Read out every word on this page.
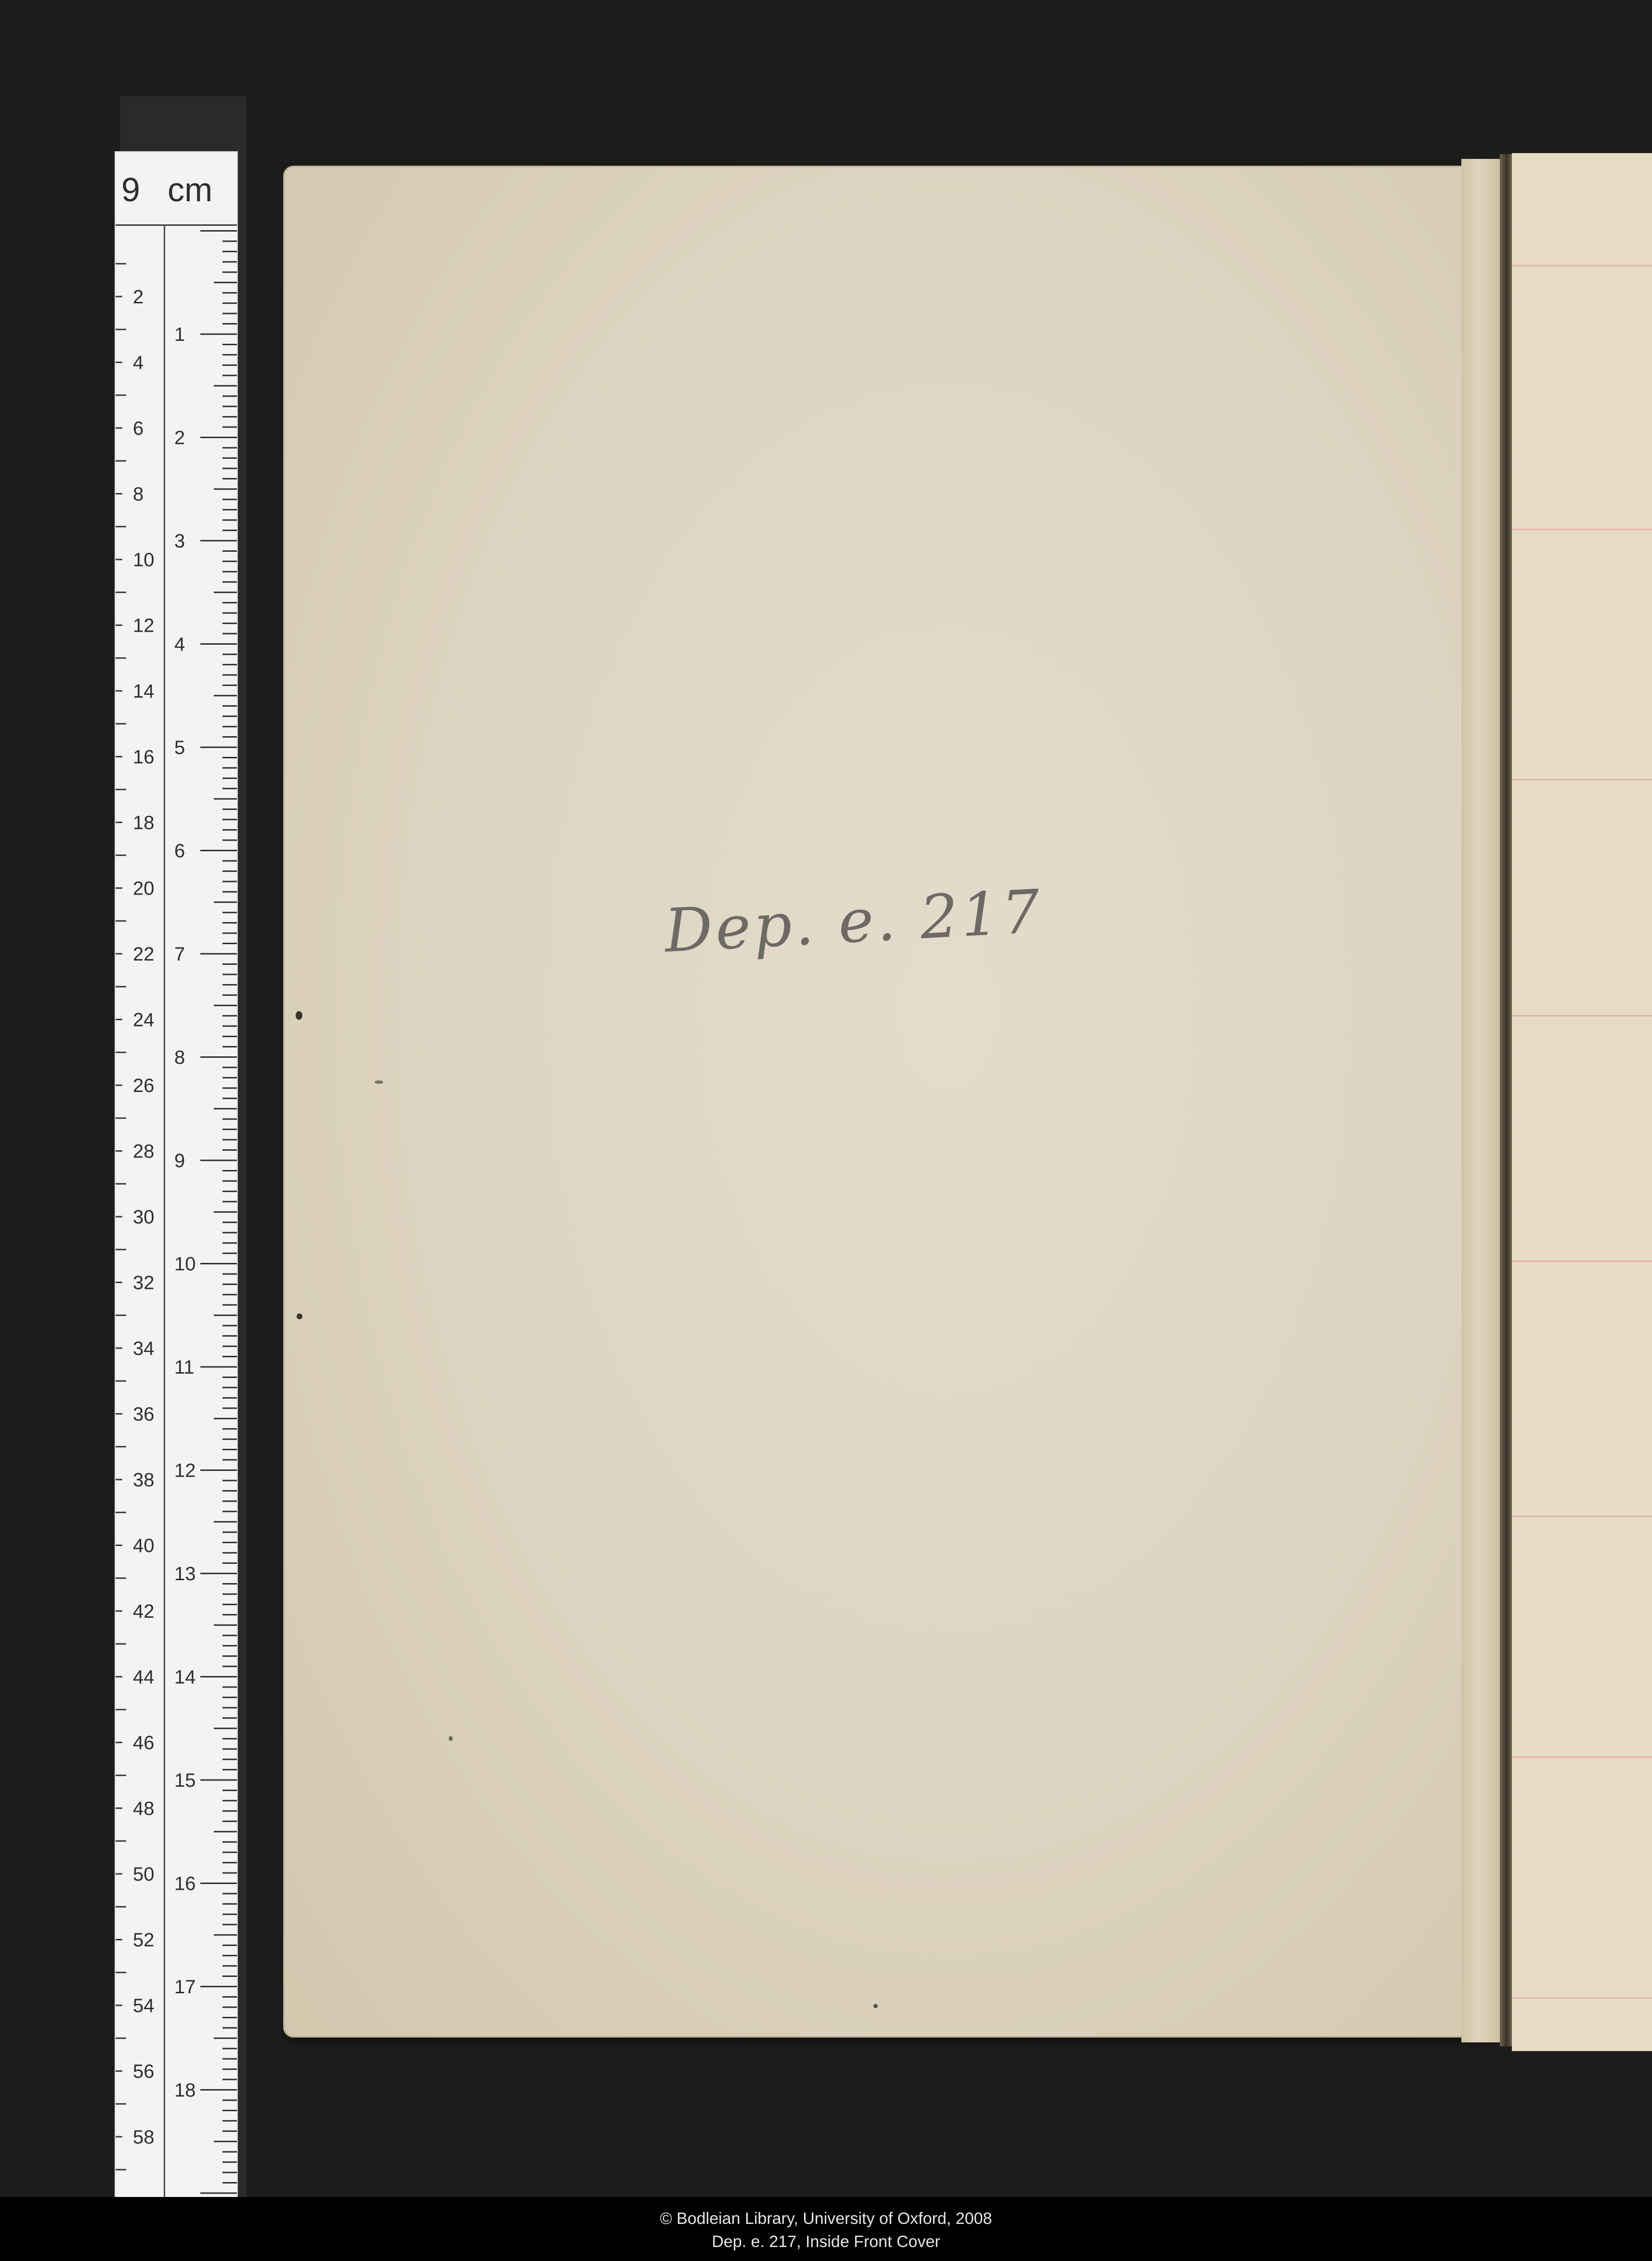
9 cm
2
4
6
8
10
12
14
16
18
20
22
24
26
28
30
32
34
36
38
40
42
44
46
48
50
52
54
56
58
1
2
3
4
5
6
7
8
9
10
11
12
13
14
15
16
17
18
Dep. e. 217
© Bodleian Library, University of Oxford, 2008
Dep. e. 217, Inside Front Cover
